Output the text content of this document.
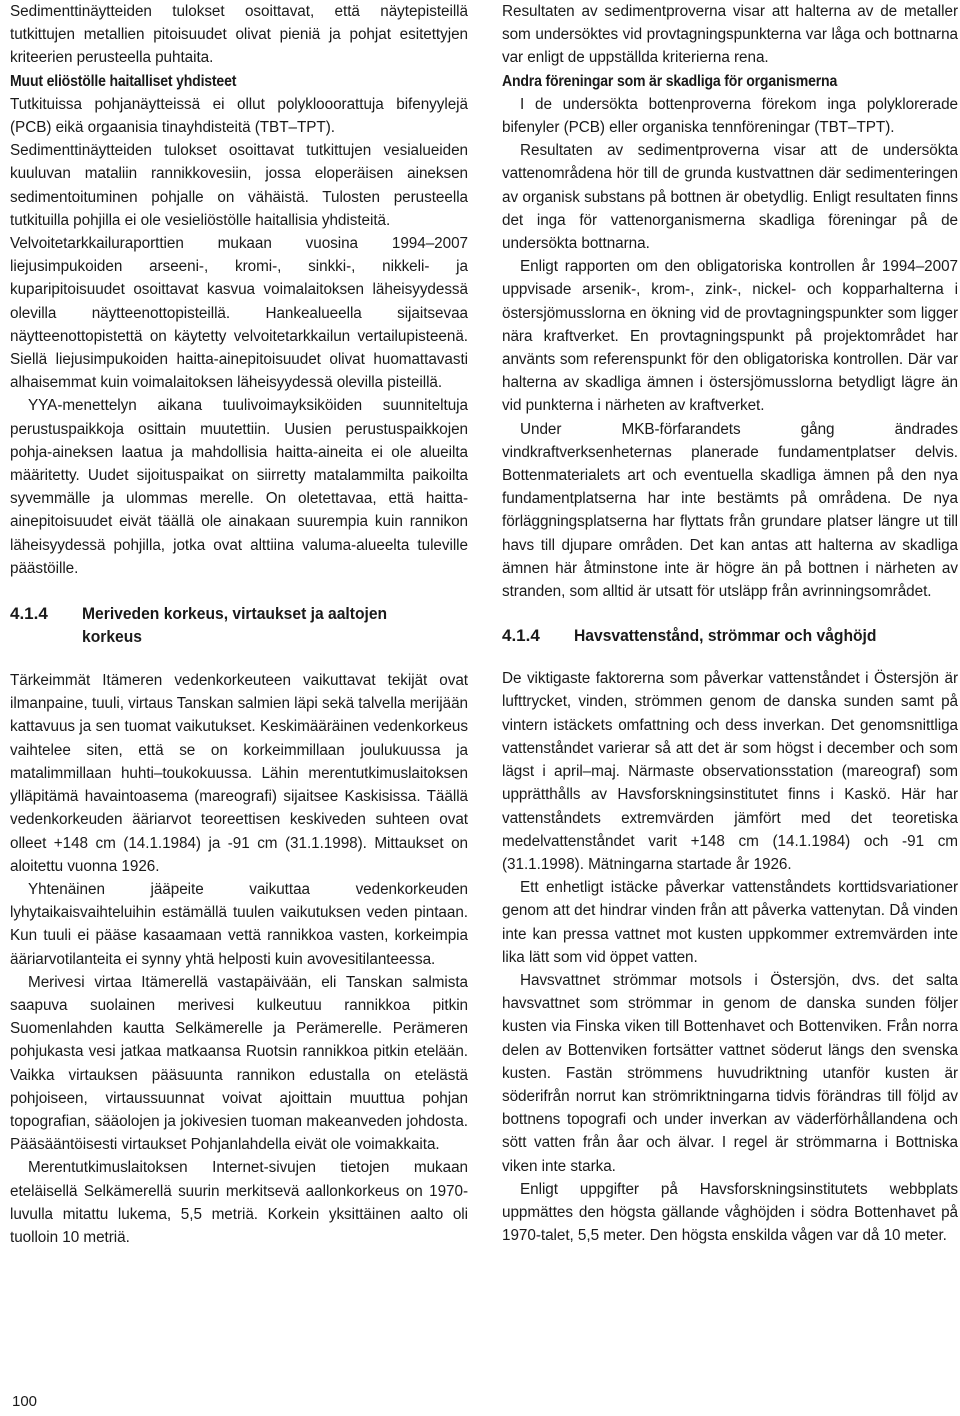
Sedimenttinäytteiden tulokset osoittavat, että näytepisteillä tutkittujen metallien pitoisuudet olivat pieniä ja pohjat esitettyjen kriteerien perusteella puhtaita.

Muut eliöstölle haitalliset yhdisteet

Tutkituissa pohjanäytteissä ei ollut polyklooorattuja bifenyylejä (PCB) eikä orgaanisia tinayhdisteitä (TBT–TPT).

Sedimenttinäytteiden tulokset osoittavat tutkittujen vesialueiden kuuluvan mataliin rannikkovesiin, jossa eloperäisen aineksen sedimentoituminen pohjalle on vähäistä. Tulosten perusteella tutkituilla pohjilla ei ole vesieliöstölle haitallisia yhdisteitä.

Velvoitetarkkailuraporttien mukaan vuosina 1994–2007 liejusimpukoiden arseeni-, kromi-, sinkki-, nikkeli- ja kuparipitoisuudet osoittavat kasvua voimalaitoksen läheisyydessä olevilla näytteenottopisteillä. Hankealueella sijaitsevaa näytteenottopistettä on käytetty velvoitetarkkailun vertailupisteenä. Siellä liejusimpukoiden haitta-ainepitoisuudet olivat huomattavasti alhaisemmat kuin voimalaitoksen läheisyydessä olevilla pisteillä.

YYA-menettelyn aikana tuulivoimayksiköiden suunniteltuja perustuspaikkoja osittain muutettiin. Uusien perustuspaikkojen pohja-aineksen laatua ja mahdollisia haitta-aineita ei ole alueilta määritetty. Uudet sijoituspaikat on siirretty matalammilta paikoilta syvemmälle ja ulommas merelle. On oletettavaa, että haitta-ainepitoisuudet eivät täällä ole ainakaan suurempia kuin rannikon läheisyydessä pohjilla, jotka ovat alttiina valuma-alueelta tuleville päästöille.

4.1.4	Meriveden korkeus, virtaukset ja aaltojen
korkeus

Tärkeimmät Itämeren vedenkorkeuteen vaikuttavat tekijät ovat ilmanpaine, tuuli, virtaus Tanskan salmien läpi sekä talvella merijään kattavuus ja sen tuomat vaikutukset. Keskimääräinen vedenkorkeus vaihtelee siten, että se on korkeimmillaan joulukuussa ja matalimmillaan huhti–toukokuussa. Lähin merentutkimuslaitoksen ylläpitämä havaintoasema (mareografi) sijaitsee Kaskisissa. Täällä vedenkorkeuden ääriarvot teoreettisen keskiveden suhteen ovat olleet +148 cm (14.1.1984) ja -91 cm (31.1.1998). Mittaukset on aloitettu vuonna 1926.

Yhtenäinen jääpeite vaikuttaa vedenkorkeuden lyhytaikaisvaihteluihin estämällä tuulen vaikutuksen veden pintaan. Kun tuuli ei pääse kasaamaan vettä rannikkoa vasten, korkeimpia ääriarvotilanteita ei synny yhtä helposti kuin avovesitilanteessa.

Merivesi virtaa Itämerellä vastapäivään, eli Tanskan salmista saapuva suolainen merivesi kulkeutuu rannikkoa pitkin Suomenlahden kautta Selkämerelle ja Perämerelle. Perämeren pohjukasta vesi jatkaa matkaansa Ruotsin rannikkoa pitkin etelään. Vaikka virtauksen pääsuunta rannikon edustalla on etelästä pohjoiseen, virtaussuunnat voivat ajoittain muuttua pohjan topografian, sääolojen ja jokivesien tuoman makeanveden johdosta. Pääsääntöisesti virtaukset Pohjanlahdella eivät ole voimakkaita.

Merentutkimuslaitoksen Internet-sivujen tietojen mukaan eteläisellä Selkämerellä suurin merkitsevä aallonkorkeus on 1970-luvulla mitattu lukema, 5,5 metriä. Korkein yksittäinen aalto oli tuolloin 10 metriä.

Resultaten av sedimentproverna visar att halterna av de metaller som undersöktes vid provtagningspunkterna var låga och bottnarna var enligt de uppställda kriterierna rena.

Andra föreningar som är skadliga för organismerna

I de undersökta bottenproverna förekom inga polyklorerade bifenyler (PCB) eller organiska tennföreningar (TBT–TPT).

Resultaten av sedimentproverna visar att de undersökta vattenområdena hör till de grunda kustvattnen där sedimenteringen av organisk substans på bottnen är obetydlig. Enligt resultaten finns det inga för vattenorganismerna skadliga föreningar på de undersökta bottnarna.

Enligt rapporten om den obligatoriska kontrollen år 1994–2007 uppvisade arsenik-, krom-, zink-, nickel- och kopparhalterna i östersjömusslorna en ökning vid de provtagningspunkter som ligger nära kraftverket. En provtagningspunkt på projektområdet har använts som referenspunkt för den obligatoriska kontrollen. Där var halterna av skadliga ämnen i östersjömusslorna betydligt lägre än vid punkterna i närheten av kraftverket.

Under MKB-förfarandets gång ändrades vindkraftverksenheternas planerade fundamentplatser delvis. Bottenmaterialets art och eventuella skadliga ämnen på den nya fundamentplatserna har inte bestämts på områdena. De nya förläggningsplatserna har flyttats från grundare platser längre ut till havs till djupare områden. Det kan antas att halterna av skadliga ämnen här åtminstone inte är högre än på bottnen i närheten av stranden, som alltid är utsatt för utsläpp från avrinningsområdet.

4.1.4	Havsvattenstånd, strömmar och våghöjd

De viktigaste faktorerna som påverkar vattenståndet i Östersjön är lufttrycket, vinden, strömmen genom de danska sunden samt på vintern istäckets omfattning och dess inverkan. Det genomsnittliga vattenståndet varierar så att det är som högst i december och som lägst i april–maj. Närmaste observationsstation (mareograf) som upprätthålls av Havsforskningsinstitutet finns i Kaskö. Här har vattenståndets extremvärden jämfört med det teoretiska medelvattenståndet varit +148 cm (14.1.1984) och -91 cm (31.1.1998). Mätningarna startade år 1926.

Ett enhetligt istäcke påverkar vattenståndets korttidsvariationer genom att det hindrar vinden från att påverka vattenytan. Då vinden inte kan pressa vattnet mot kusten uppkommer extremvärden inte lika lätt som vid öppet vatten.

Havsvattnet strömmar motsols i Östersjön, dvs. det salta havsvattnet som strömmar in genom de danska sunden följer kusten via Finska viken till Bottenhavet och Bottenviken. Från norra delen av Bottenviken fortsätter vattnet söderut längs den svenska kusten. Fastän strömmens huvudriktning utanför kusten är söderifrån norrut kan strömriktningarna tidvis förändras till följd av bottnens topografi och under inverkan av väderförhållandena och sött vatten från åar och älvar. I regel är strömmarna i Bottniska viken inte starka.

Enligt uppgifter på Havsforskningsinstitutets webbplats uppmättes den högsta gällande våghöjden i södra Bottenhavet på 1970-talet, 5,5 meter. Den högsta enskilda vågen var då 10 meter.

100
